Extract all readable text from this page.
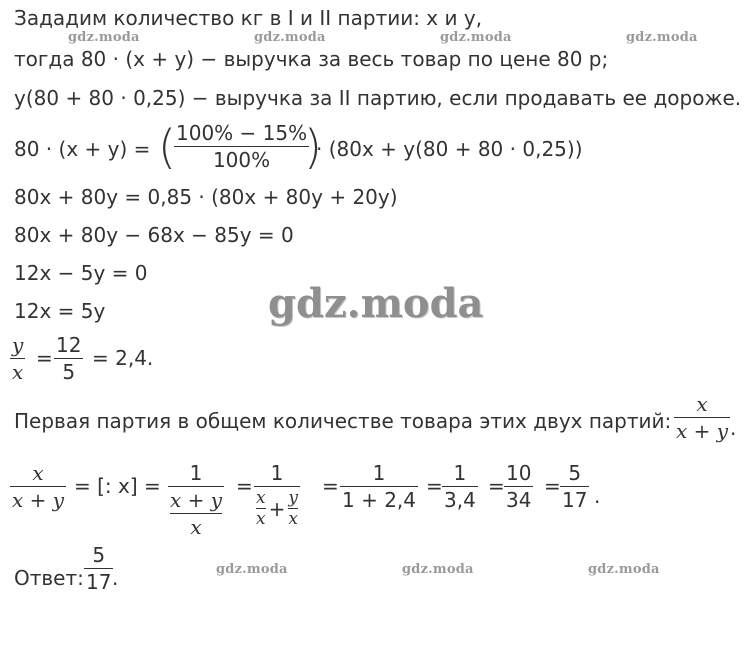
gdz.moda	gdz.moda	gdz.moda	gdz.moda
gdz.moda
gdz.moda	gdz.moda	gdz.moda
Зададим количество кг в I и II партии: x и y,
тогда 80 · (x + y) − выручка за весь товар по цене 80 р;
y(80 + 80 · 0,25) − выручка за II партию, если продавать ее дороже.
80 · (x + y) = ( 100% − 15%
100% )
· (80x + y(80 + 80 · 0,25))
80x + 80y = 0,85 · (80x + 80y + 20y)
80x + 80y − 68x − 85y = 0
12x − 5y = 0
12x = 5y
y
x
=
12
5
= 2,4.
Первая партия в общем количестве товара этих двух партий:
x
x + y .
x
x + y
= [: x] =
1
x + y
x
=
1
x
x + y
x
=
1
1 + 2,4
=
1
3,4
=
10
34
=
5
17 .
Ответ:
5
17 .
